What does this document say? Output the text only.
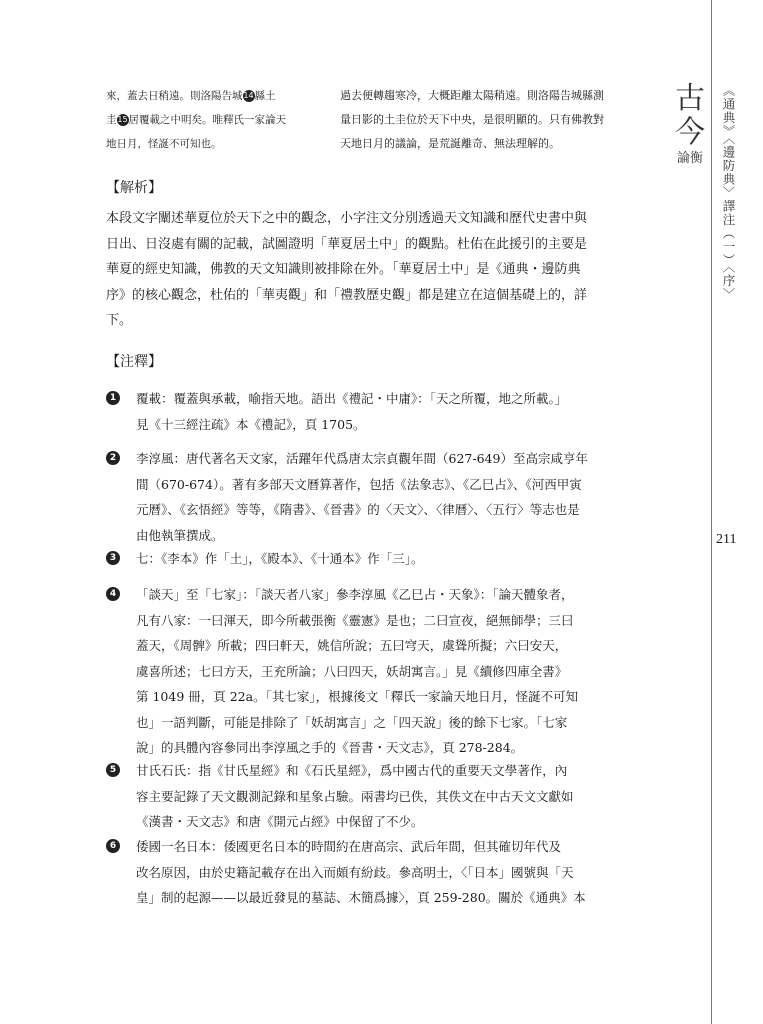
來，蓋去日稍遠。則洛陽告城14縣土

圭15居覆載之中明矣。唯釋氏一家論天

地日月，怪誕不可知也。

過去便轉趨寒冷，大概距離太陽稍遠。則洛陽告城縣測

量日影的土圭位於天下中央，是很明顯的。只有佛教對

天地日月的議論，是荒誕離奇、無法理解的。

【解析】

本段文字闡述華夏位於天下之中的觀念，小字注文分別透過天文知識和歷代史書中與

日出、日沒處有關的記載，試圖證明「華夏居土中」的觀點。杜佑在此援引的主要是

華夏的經史知識，佛教的天文知識則被排除在外。「華夏居土中」是《通典・邊防典

序》的核心觀念，杜佑的「華夷觀」和「禮教歷史觀」都是建立在這個基礎上的，詳

下。

【注釋】
1	覆載：覆蓋與承載，喻指天地。語出《禮記・中庸》：「天之所覆，地之所載。」

見《十三經注疏》本《禮記》，頁 1705。

2	李淳風：唐代著名天文家，活躍年代爲唐太宗貞觀年間（627-649）至高宗咸亨年

間（670-674）。著有多部天文曆算著作，包括《法象志》、《乙巳占》、《河西甲寅

元曆》、《玄悟經》等等，《隋書》、《晉書》的〈天文〉、〈律曆〉、〈五行〉等志也是

由他執筆撰成。

3	七：《李本》作「土」，《殿本》、《十通本》作「三」。

4	「談天」至「七家」：「談天者八家」參李淳風《乙巳占・天象》：「論天體象者，

凡有八家：一曰渾天，即今所載張衡《靈憲》是也；二曰宣夜，絕無師學；三曰

蓋天，《周髀》所載；四曰軒天，姚信所說；五曰穹天，虞聳所擬；六曰安天，

虞喜所述；七曰方天，王充所論；八曰四天，妖胡寓言。」見《續修四庫全書》

第 1049 冊，頁 22a。「其七家」，根據後文「釋氏一家論天地日月，怪誕不可知

也」一語判斷，可能是排除了「妖胡寓言」之「四天說」後的餘下七家。「七家

說」的具體內容參同出李淳風之手的《晉書・天文志》，頁 278-284。

5	甘氏石氏：指《甘氏星經》和《石氏星經》，爲中國古代的重要天文學著作，內

容主要記錄了天文觀測記錄和星象占驗。兩書均已佚，其佚文在中古天文文獻如

《漢書・天文志》和唐《開元占經》中保留了不少。

6	倭國一名日本：倭國更名日本的時間約在唐高宗、武后年間，但其確切年代及

改名原因，由於史籍記載存在出入而頗有紛歧。參高明士，〈「日本」國號與「天

皇」制的起源——以最近發見的墓誌、木簡爲據〉，頁 259-280。關於《通典》本

古今
論衡	《通典》〈邊防典〉譯注（一）〈序〉
211
